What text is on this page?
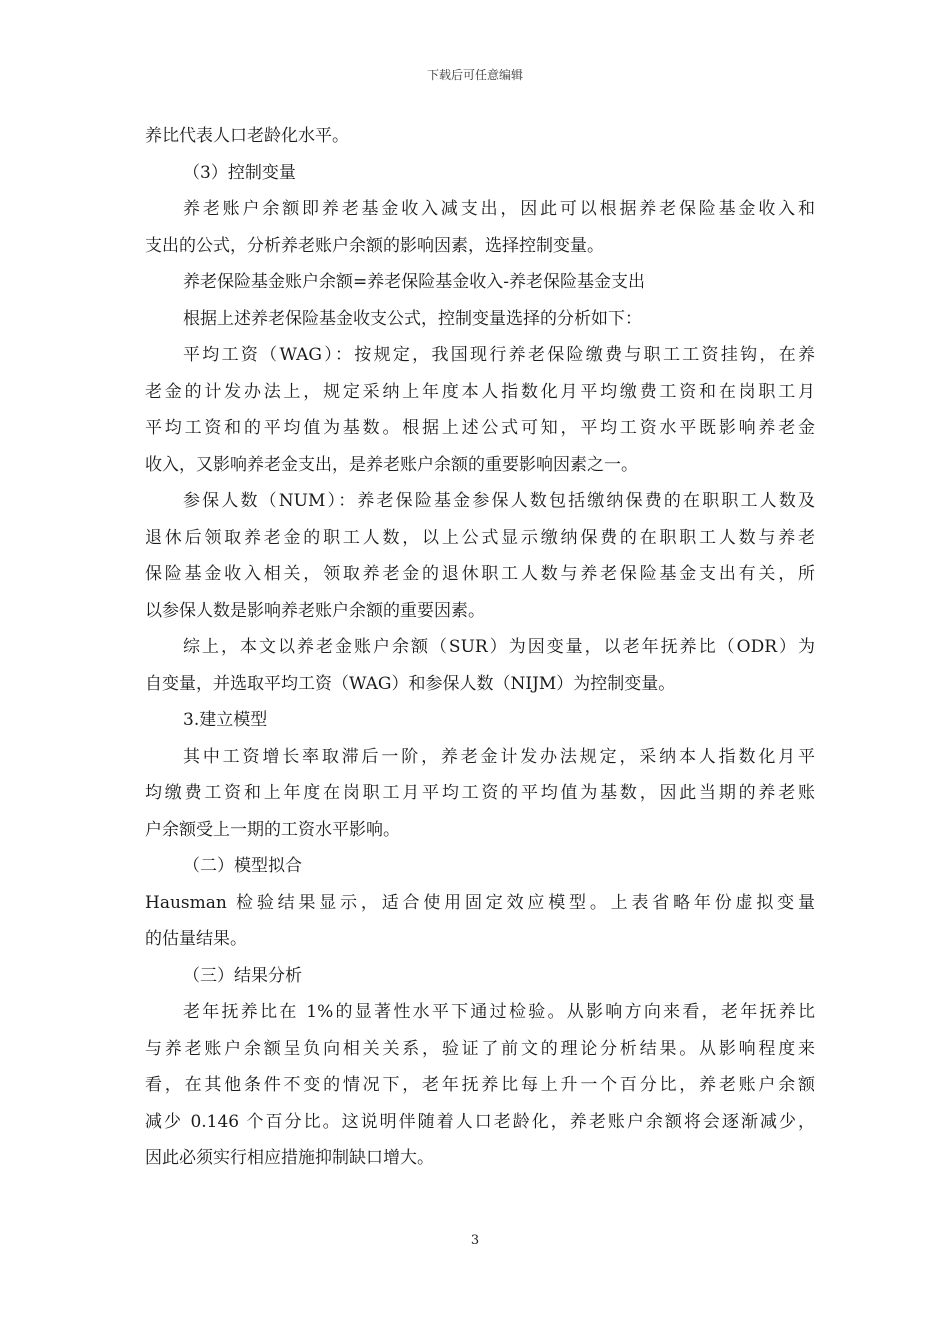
下载后可任意编辑
养比代表人口老龄化水平。
（3）控制变量
养老账户余额即养老基金收入减支出，因此可以根据养老保险基金收入和
支出的公式，分析养老账户余额的影响因素，选择控制变量。
养老保险基金账户余额=养老保险基金收入-养老保险基金支出
根据上述养老保险基金收支公式，控制变量选择的分析如下：
平均工资（WAG）：按规定，我国现行养老保险缴费与职工工资挂钩，在养
老金的计发办法上，规定采纳上年度本人指数化月平均缴费工资和在岗职工月
平均工资和的平均值为基数。根据上述公式可知，平均工资水平既影响养老金
收入，又影响养老金支出，是养老账户余额的重要影响因素之一。
参保人数（NUM）：养老保险基金参保人数包括缴纳保费的在职职工人数及
退休后领取养老金的职工人数，以上公式显示缴纳保费的在职职工人数与养老
保险基金收入相关，领取养老金的退休职工人数与养老保险基金支出有关，所
以参保人数是影响养老账户余额的重要因素。
综上，本文以养老金账户余额（SUR）为因变量，以老年抚养比（ODR）为
自变量，并选取平均工资（WAG）和参保人数（NIJM）为控制变量。
3.建立模型
其中工资增长率取滞后一阶，养老金计发办法规定，采纳本人指数化月平
均缴费工资和上年度在岗职工月平均工资的平均值为基数，因此当期的养老账
户余额受上一期的工资水平影响。
（二）模型拟合
Hausman 检验结果显示，适合使用固定效应模型。上表省略年份虚拟变量
的估量结果。
（三）结果分析
老年抚养比在 1%的显著性水平下通过检验。从影响方向来看，老年抚养比
与养老账户余额呈负向相关关系，验证了前文的理论分析结果。从影响程度来
看，在其他条件不变的情况下，老年抚养比每上升一个百分比，养老账户余额
减少 0.146 个百分比。这说明伴随着人口老龄化，养老账户余额将会逐渐减少，
因此必须实行相应措施抑制缺口增大。
3
